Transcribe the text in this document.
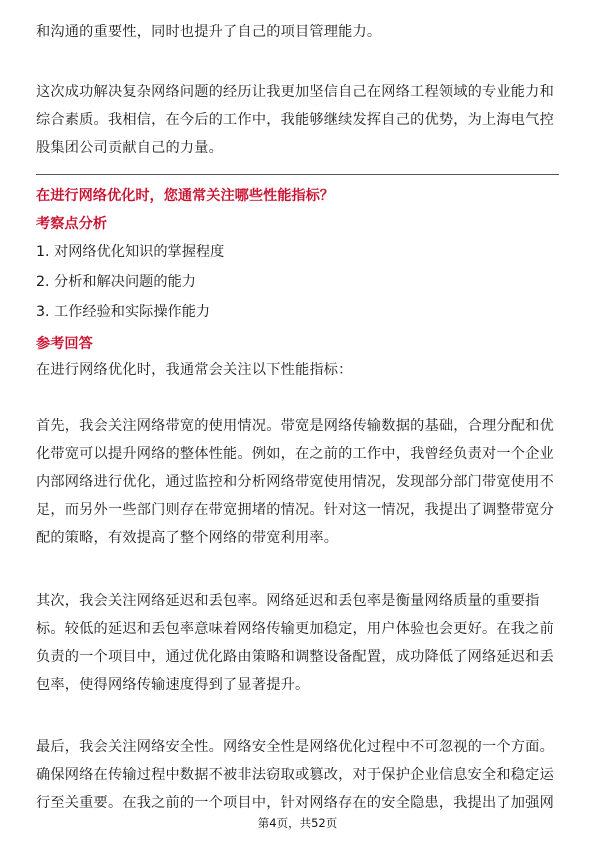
和沟通的重要性，同时也提升了自己的项目管理能力。

这次成功解决复杂网络问题的经历让我更加坚信自己在网络工程领域的专业能力和

综合素质。我相信，在今后的工作中，我能够继续发挥自己的优势，为上海电气控

股集团公司贡献自己的力量。

在进行网络优化时，您通常关注哪些性能指标？

考察点分析

1. 对网络优化知识的掌握程度

2. 分析和解决问题的能力

3. 工作经验和实际操作能力

参考回答

在进行网络优化时，我通常会关注以下性能指标：

首先，我会关注网络带宽的使用情况。带宽是网络传输数据的基础，合理分配和优

化带宽可以提升网络的整体性能。例如，在之前的工作中，我曾经负责对一个企业

内部网络进行优化，通过监控和分析网络带宽使用情况，发现部分部门带宽使用不

足，而另外一些部门则存在带宽拥堵的情况。针对这一情况，我提出了调整带宽分

配的策略，有效提高了整个网络的带宽利用率。

其次，我会关注网络延迟和丢包率。网络延迟和丢包率是衡量网络质量的重要指

标。较低的延迟和丢包率意味着网络传输更加稳定，用户体验也会更好。在我之前

负责的一个项目中，通过优化路由策略和调整设备配置，成功降低了网络延迟和丢

包率，使得网络传输速度得到了显著提升。

最后，我会关注网络安全性。网络安全性是网络优化过程中不可忽视的一个方面。

确保网络在传输过程中数据不被非法窃取或篡改，对于保护企业信息安全和稳定运

行至关重要。在我之前的一个项目中，针对网络存在的安全隐患，我提出了加强网

第4页，共52页
